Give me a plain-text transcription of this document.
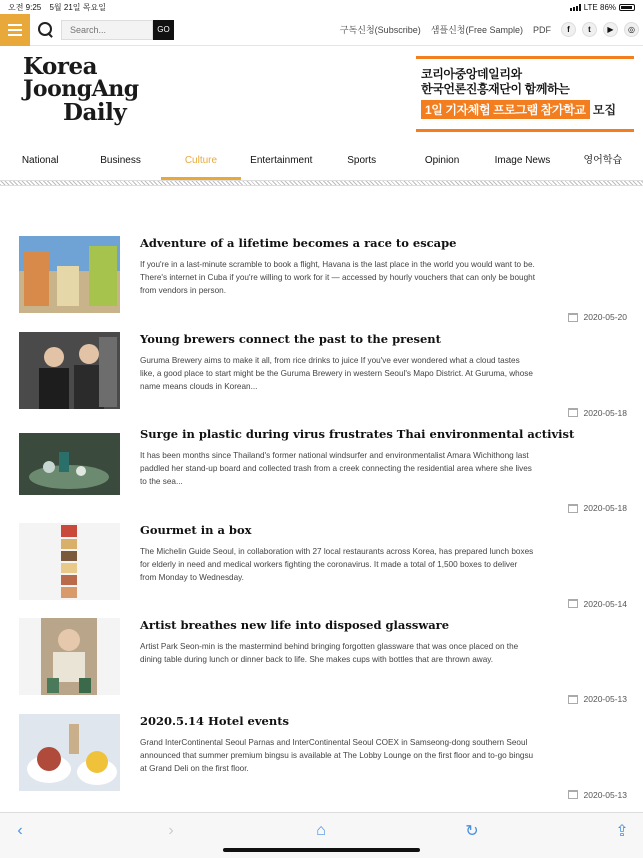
오전 9:25 5월 21일 목요일	LTE 86%
Search...
GO	구독신청(Subscribe) 샘플신청(Free Sample) PDF	f	t	▶	◎
Korea
JoongAng
Daily
코리아중앙데일리와
한국언론진흥재단이 함께하는
1일 기자체험 프로그램 참가학교 모집
National	Business	Culture	Entertainment	Sports	Opinion	Image News	영어학습
Adventure of a lifetime becomes a race to escape
If you're in a last-minute scramble to book a flight, Havana is the last place in the world you would want to be. There's internet in Cuba if you're willing to work for it — accessed by hourly vouchers that can only be bought from vendors in person.
2020-05-20
Young brewers connect the past to the present
Guruma Brewery aims to make it all, from rice drinks to juice If you've ever wondered what a cloud tastes like, a good place to start might be the Guruma Brewery in western Seoul's Mapo District. At Guruma, whose name means clouds in Korean...
2020-05-18
Surge in plastic during virus frustrates Thai environmental activist
It has been months since Thailand's former national windsurfer and environmentalist Amara Wichithong last paddled her stand-up board and collected trash from a creek connecting the residential area where she lives to the sea...
2020-05-18
Gourmet in a box
The Michelin Guide Seoul, in collaboration with 27 local restaurants across Korea, has prepared lunch boxes for elderly in need and medical workers fighting the coronavirus. It made a total of 1,500 boxes to deliver from Monday to Wednesday.
2020-05-14
Artist breathes new life into disposed glassware
Artist Park Seon-min is the mastermind behind bringing forgotten glassware that was once placed on the dining table during lunch or dinner back to life. She makes cups with bottles that are thrown away.
2020-05-13
2020.5.14 Hotel events
Grand InterContinental Seoul Parnas and InterContinental Seoul COEX in Samseong-dong southern Seoul announced that summer premium bingsu is available at The Lobby Lounge on the first floor and to-go bingsu at Grand Deli on the first floor.
2020-05-13
‹	›	⌂	↻	⇪
